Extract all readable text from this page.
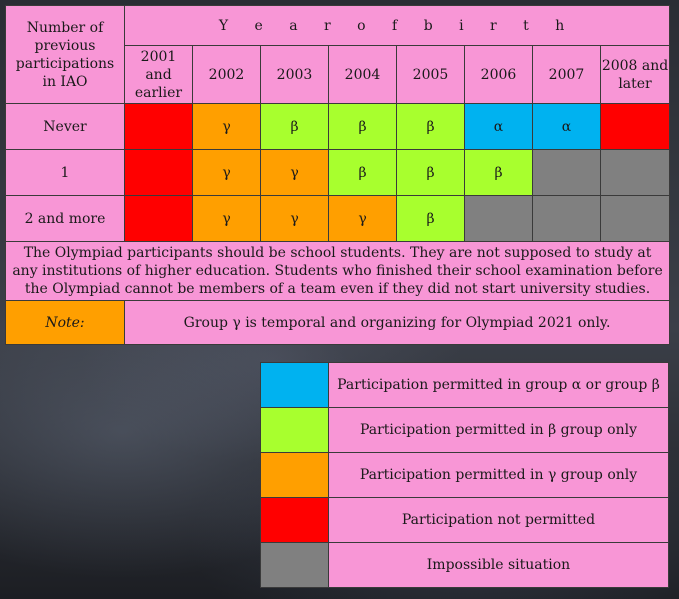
Number of previous participations in IAO	Y e a r o f b i r t h							
	2001 and earlier	2002	2003	2004	2005	2006	2007	2008 and later
Never		γ	β	β	β	α	α	
1		γ	γ	β	β	β		
2 and more		γ	γ	γ	β			
The Olympiad participants should be school students. They are not supposed to study at any institutions of higher education. Students who finished their school examination before the Olympiad cannot be members of a team even if they did not start university studies.								
Note:	Group γ is temporal and organizing for Olympiad 2021 only.							
	Participation permitted in group α or group β
	Participation permitted in β group only
	Participation permitted in γ group only
	Participation not permitted
	Impossible situation
